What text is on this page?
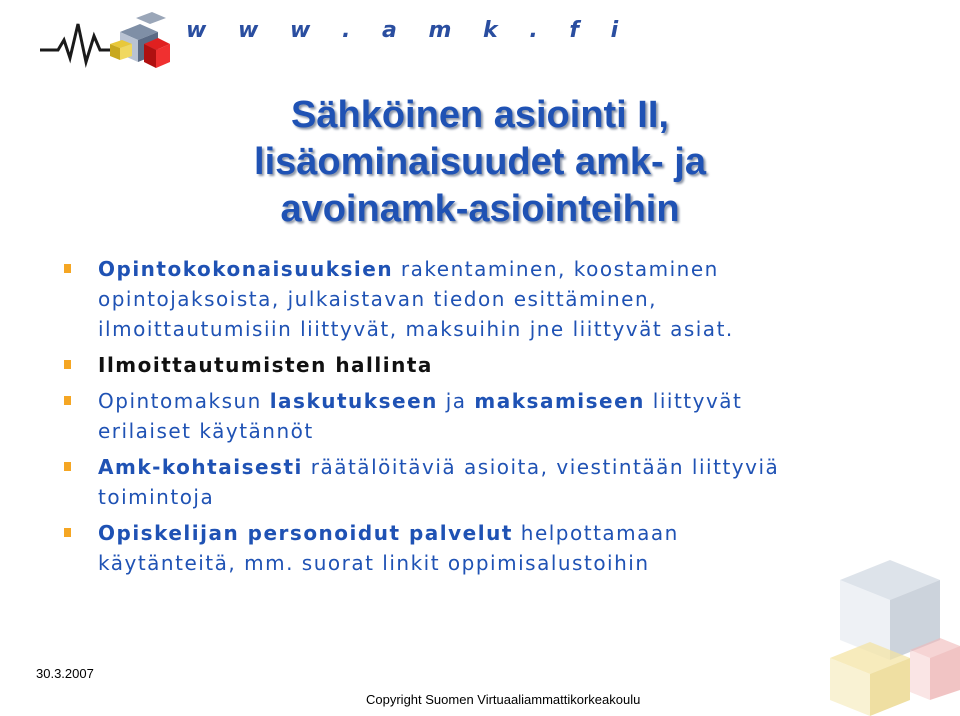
w w w . a m k . f i
Sähköinen asiointi II,
lisäominaisuudet amk- ja
avoinamk-asiointeihin
Opintokokonaisuuksien rakentaminen, koostaminen
opintojaksoista, julkaistavan tiedon esittäminen,
ilmoittautumisiin liittyvät, maksuihin jne liittyvät asiat.
Ilmoittautumisten hallinta
Opintomaksun laskutukseen ja maksamiseen liittyvät
erilaiset käytännöt
Amk-kohtaisesti räätälöitäviä asioita, viestintään liittyviä
toimintoja
Opiskelijan personoidut palvelut helpottamaan
käytänteitä, mm. suorat linkit oppimisalustoihin
30.3.2007
Copyright Suomen Virtuaaliammattikorkeakoulu
